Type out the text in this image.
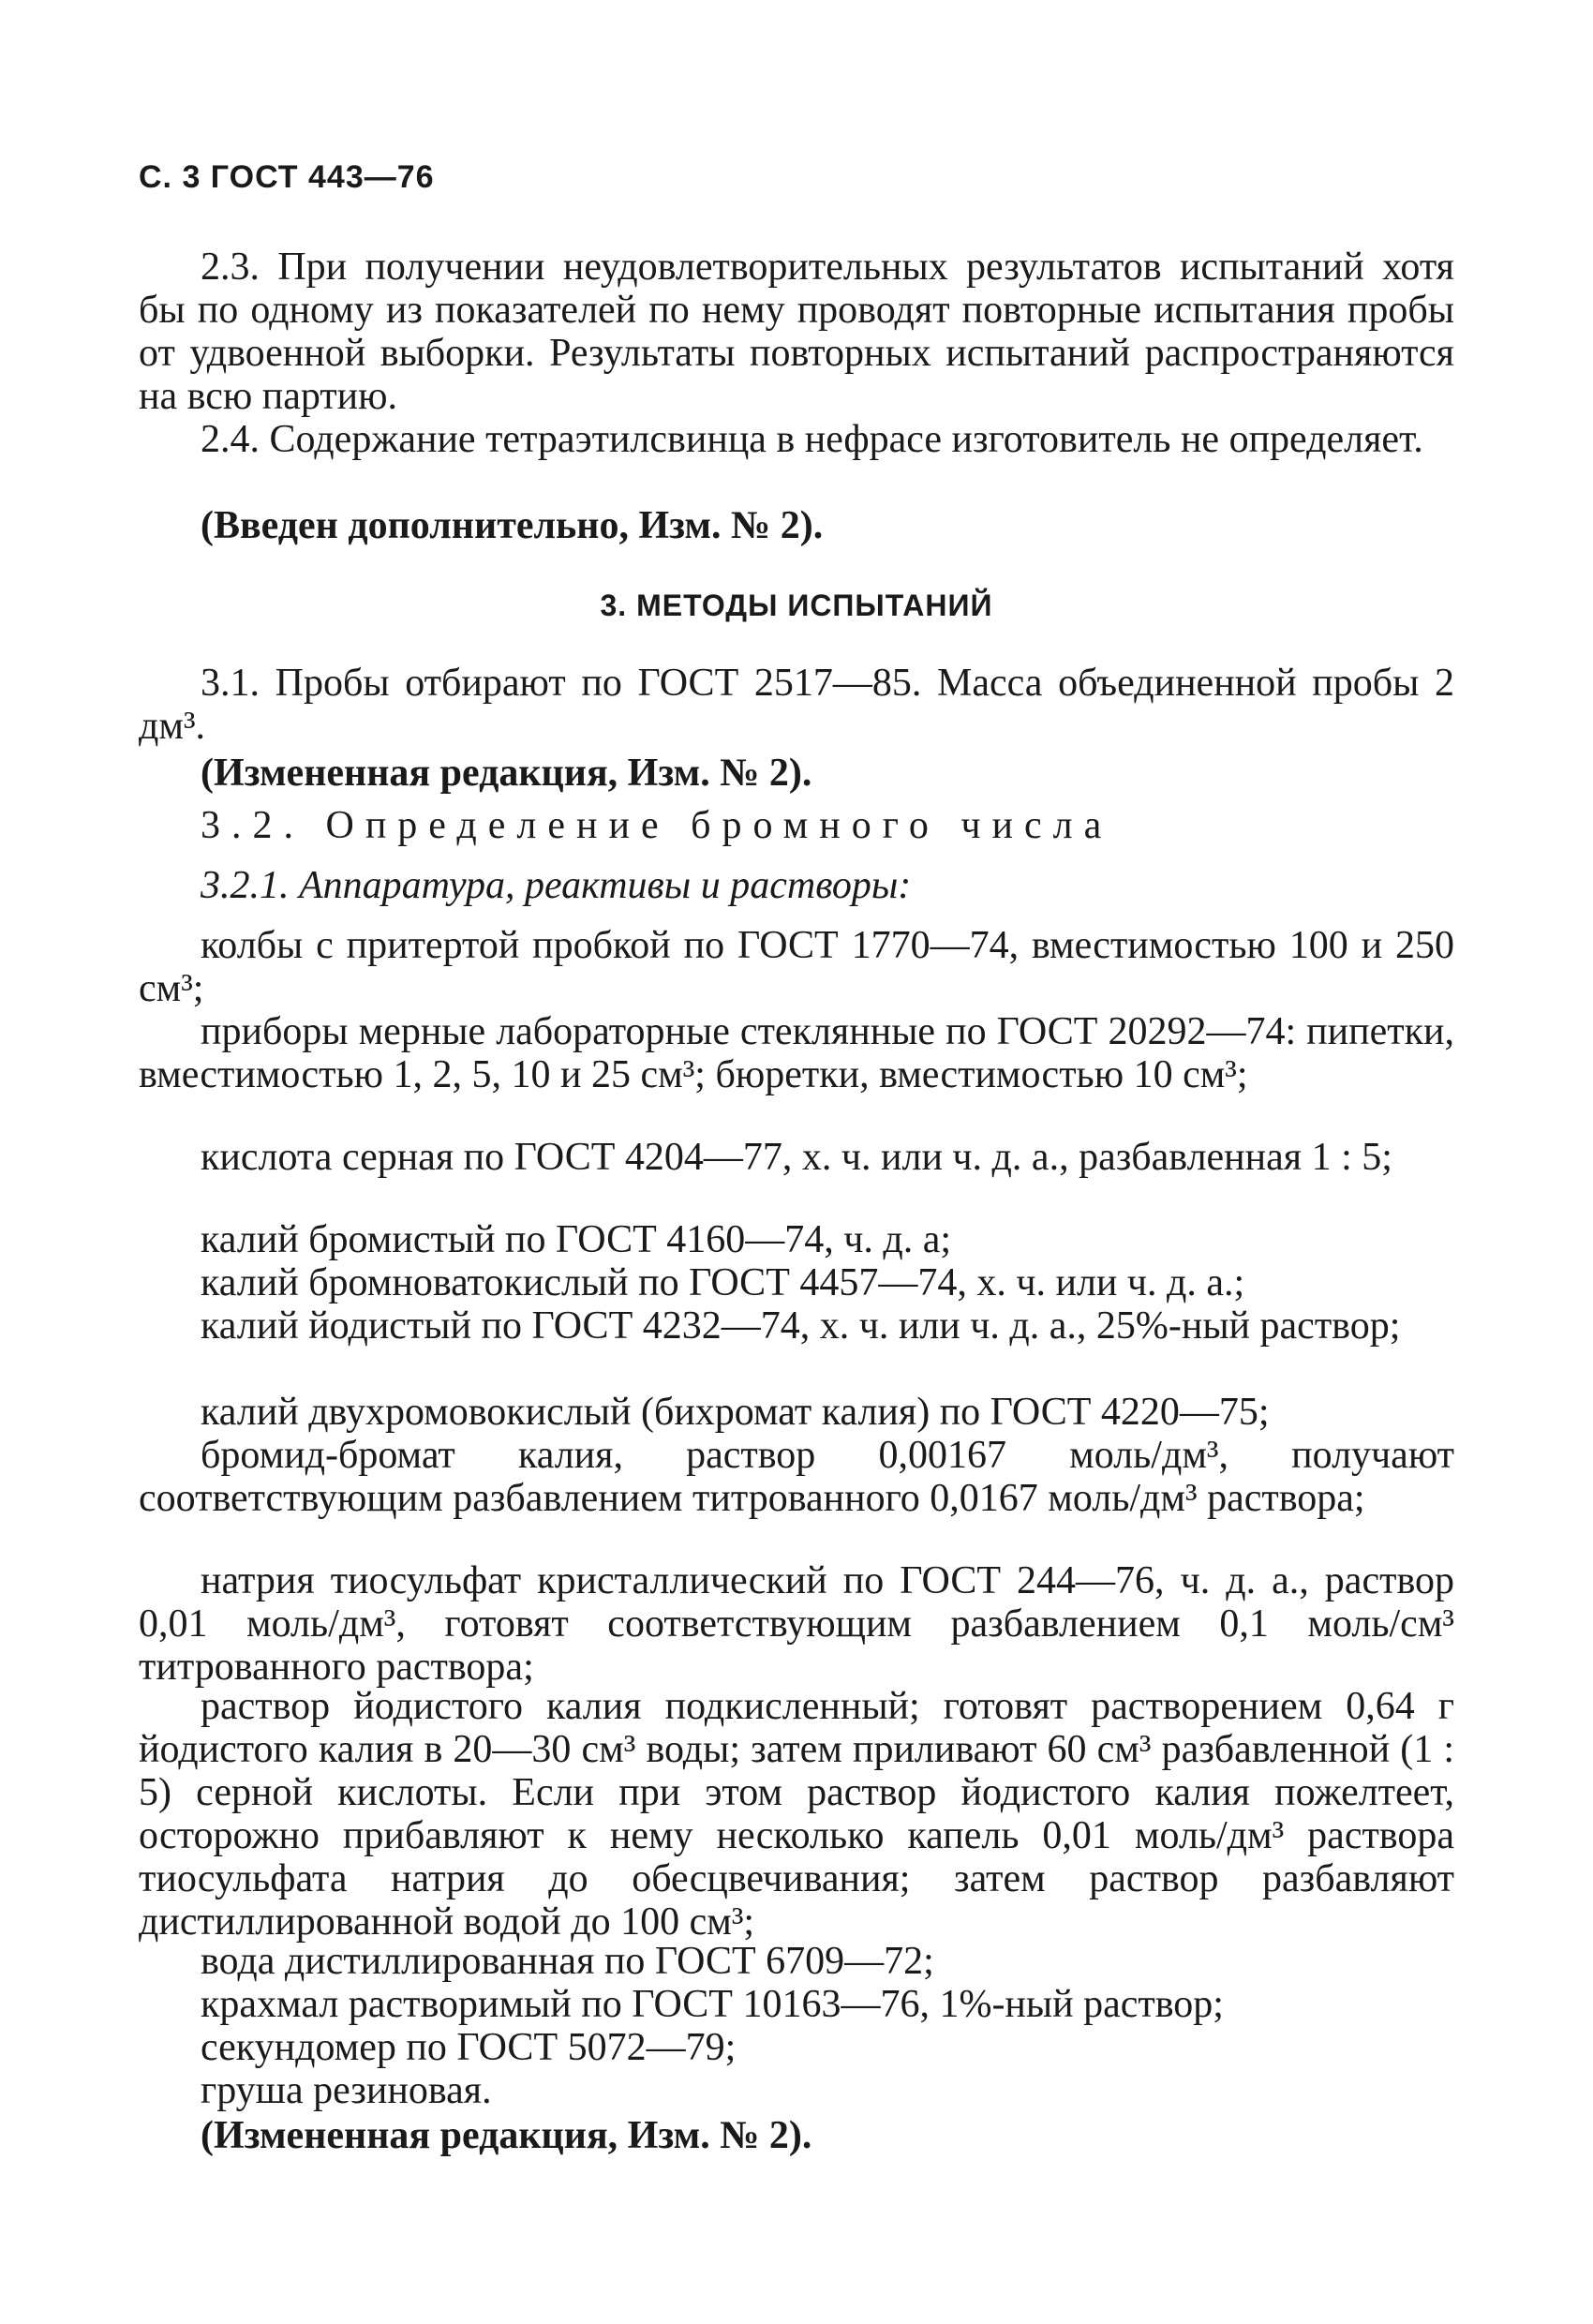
С. 3 ГОСТ 443—76
2.3. При получении неудовлетворительных результатов испытаний хотя бы по одному из показателей по нему проводят повторные испытания пробы от удвоенной выборки. Результаты повторных испытаний распространяются на всю партию.
2.4. Содержание тетраэтилсвинца в нефрасе изготовитель не определяет.
(Введен дополнительно, Изм. № 2).
3. МЕТОДЫ ИСПЫТАНИЙ
3.1. Пробы отбирают по ГОСТ 2517—85. Масса объединенной пробы 2 дм³.
(Измененная редакция, Изм. № 2).
3.2. Определение бромного числа
3.2.1. Аппаратура, реактивы и растворы:
колбы с притертой пробкой по ГОСТ 1770—74, вместимостью 100 и 250 см³;
приборы мерные лабораторные стеклянные по ГОСТ 20292—74: пипетки, вместимостью 1, 2, 5, 10 и 25 см³; бюретки, вместимостью 10 см³;
кислота серная по ГОСТ 4204—77, х. ч. или ч. д. а., разбавленная 1 : 5;
калий бромистый по ГОСТ 4160—74, ч. д. а;
калий бромноватокислый по ГОСТ 4457—74, х. ч. или ч. д. а.;
калий йодистый по ГОСТ 4232—74, х. ч. или ч. д. а., 25%-ный раствор;
калий двухромовокислый (бихромат калия) по ГОСТ 4220—75;
бромид-бромат калия, раствор 0,00167 моль/дм³, получают соответствующим разбавлением титрованного 0,0167 моль/дм³ раствора;
натрия тиосульфат кристаллический по ГОСТ 244—76, ч. д. а., раствор 0,01 моль/дм³, готовят соответствующим разбавлением 0,1 моль/см³ титрованного раствора;
раствор йодистого калия подкисленный; готовят растворением 0,64 г йодистого калия в 20—30 см³ воды; затем приливают 60 см³ разбавленной (1 : 5) серной кислоты. Если при этом раствор йодистого калия пожелтеет, осторожно прибавляют к нему несколько капель 0,01 моль/дм³ раствора тиосульфата натрия до обесцвечивания; затем раствор разбавляют дистиллированной водой до 100 см³;
вода дистиллированная по ГОСТ 6709—72;
крахмал растворимый по ГОСТ 10163—76, 1%-ный раствор;
секундомер по ГОСТ 5072—79;
груша резиновая.
(Измененная редакция, Изм. № 2).
